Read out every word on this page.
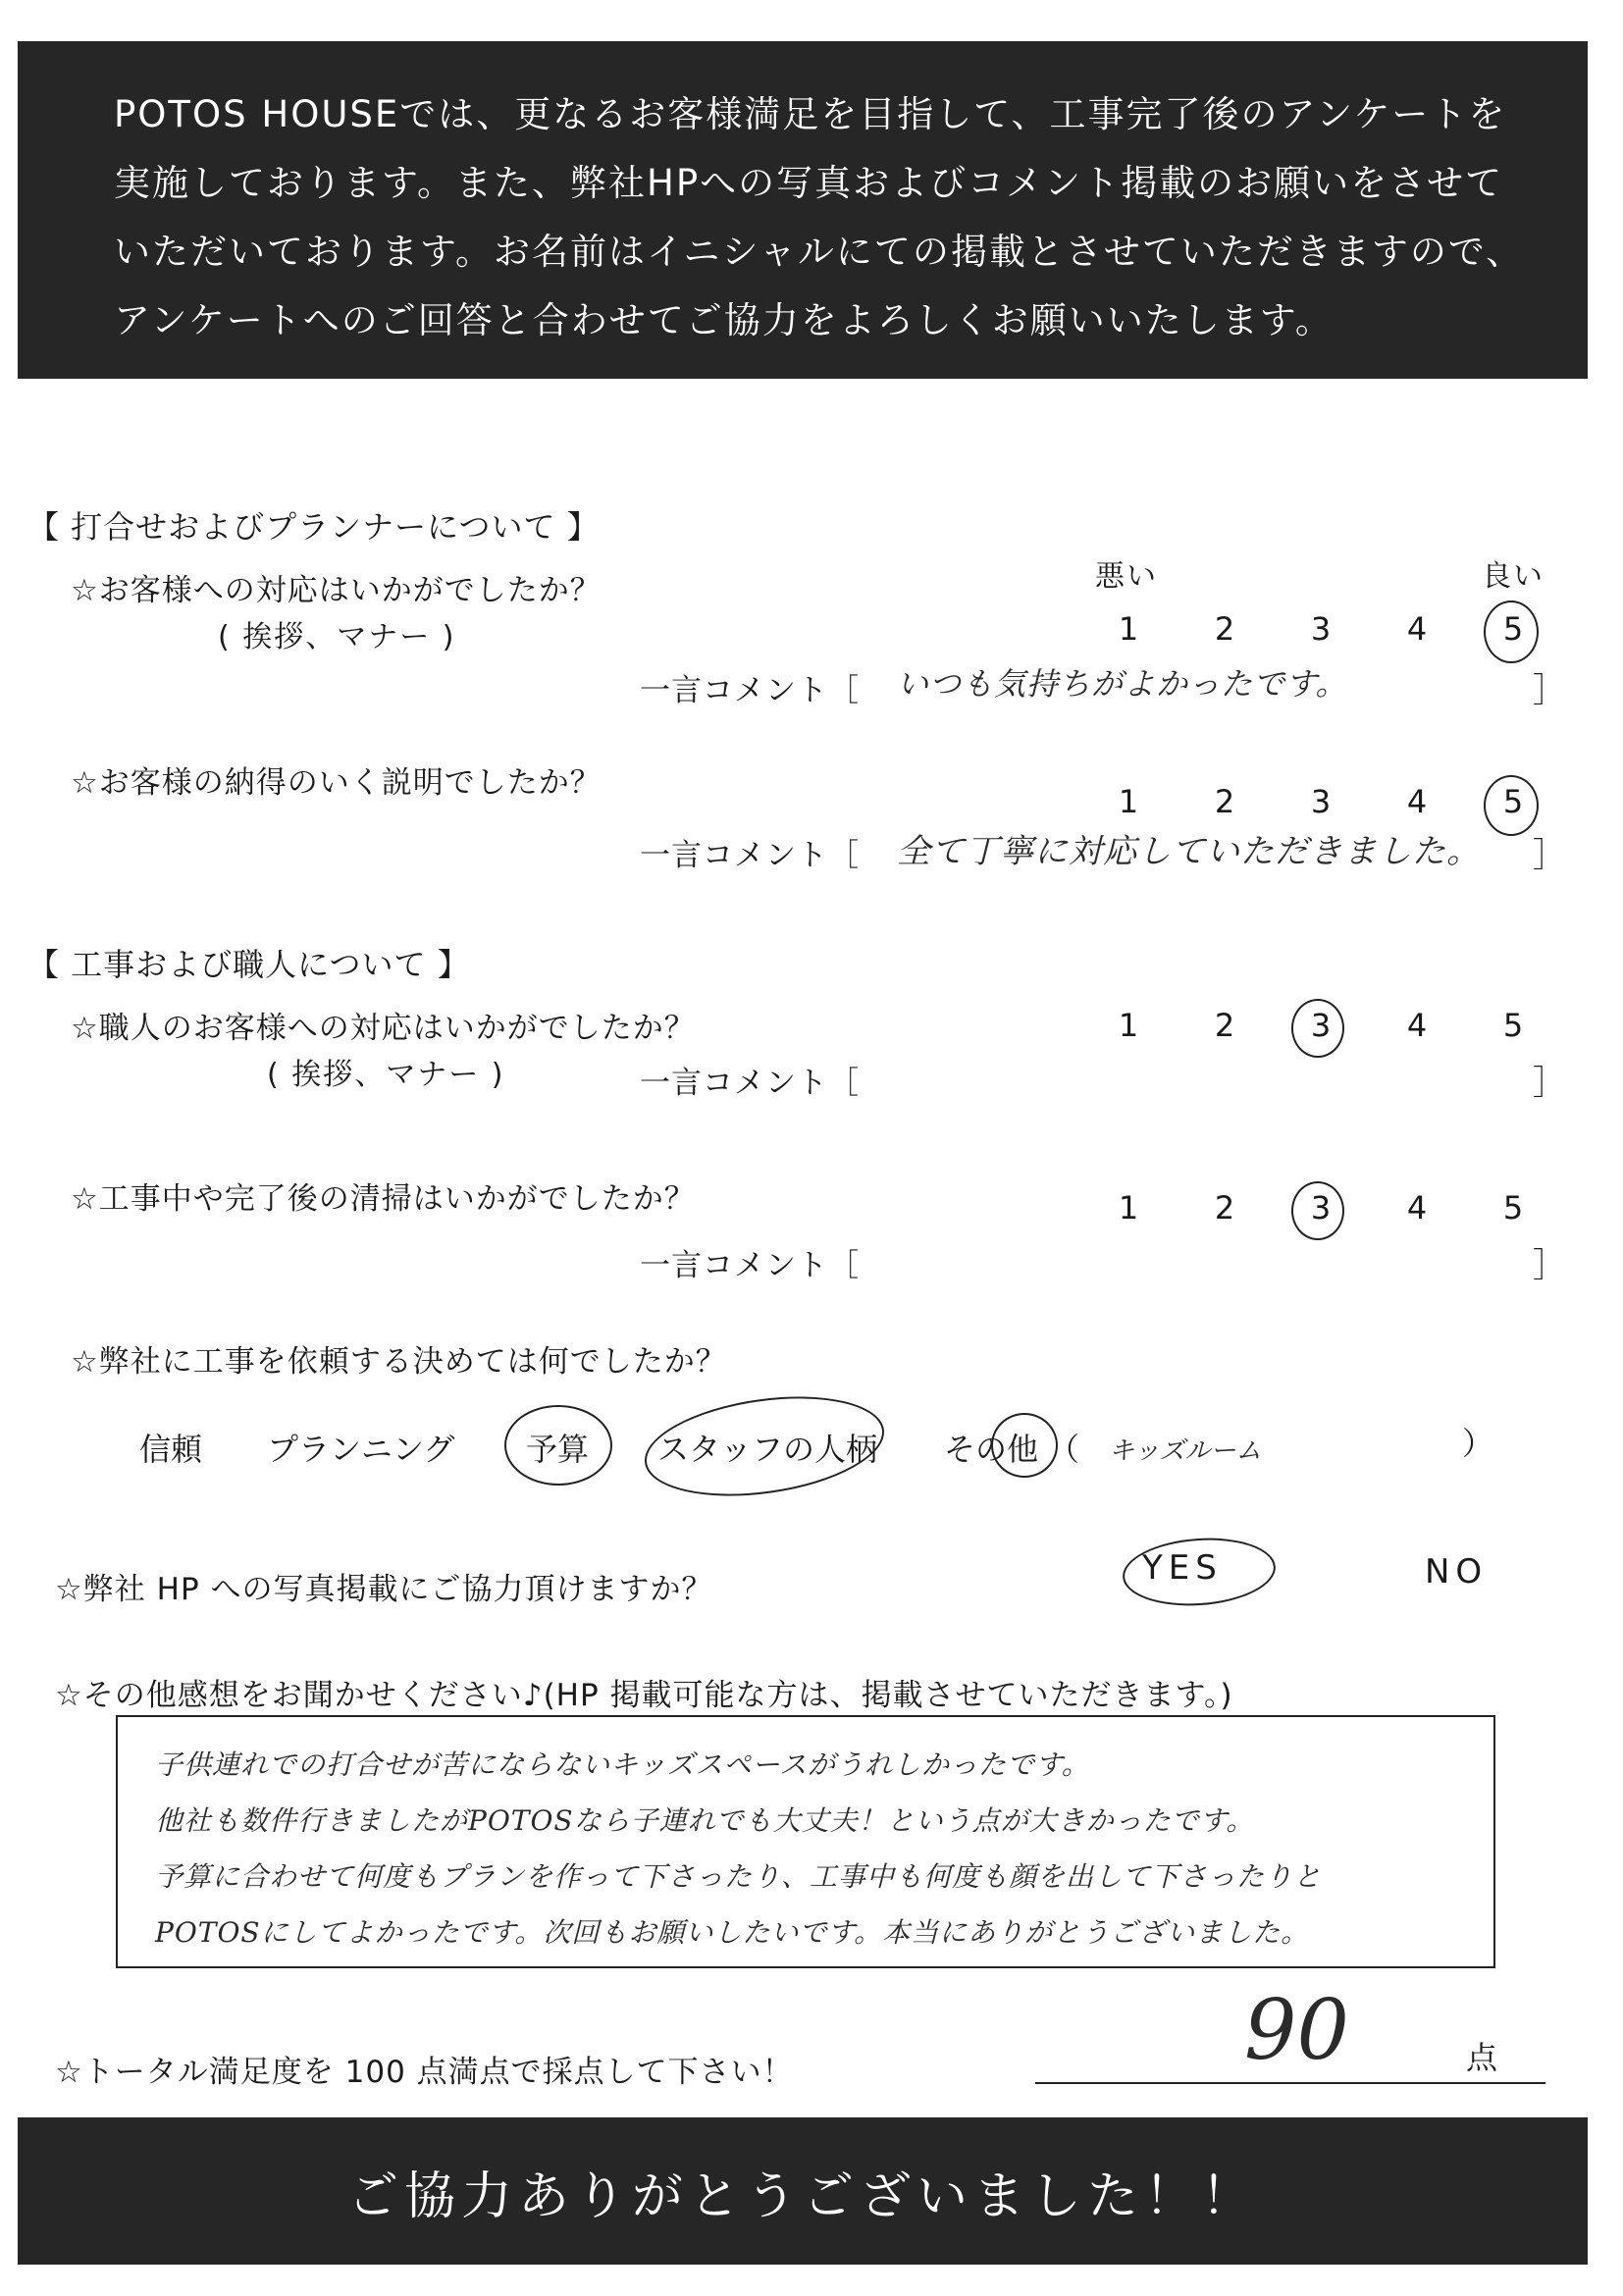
POTOS HOUSEでは、更なるお客様満足を目指して、工事完了後のアンケートを

実施しております。また、弊社HPへの写真およびコメント掲載のお願いをさせて

いただいております。お名前はイニシャルにての掲載とさせていただきますので、

アンケートへのご回答と合わせてご協力をよろしくお願いいたします。

【 打合せおよびプランナーについて 】
悪い	良い
☆お客様への対応はいかがでしたか？
( 挨拶、マナー )	1	2	3	4	5
一言コメント［ いつも気持ちがよかったです。	］
☆お客様の納得のいく説明でしたか？	1	2	3	4	5
一言コメント［ 全て丁寧に対応していただきました。 ］
【 工事および職人について 】
☆職人のお客様への対応はいかがでしたか？
( 挨拶、マナー )
1	2	3	4	5
一言コメント［	］
☆工事中や完了後の清掃はいかがでしたか？	1	2	3	4	5
一言コメント［	］
☆弊社に工事を依頼する決めては何でしたか？
信頼 プランニング 予算 スタッフの人柄 その他 （ キッズルーム	）
☆弊社 HP への写真掲載にご協力頂けますか？
YES	NO
☆その他感想をお聞かせください♪(HP 掲載可能な方は、掲載させていただきます。)

子供連れでの打合せが苦にならないキッズスペースがうれしかったです。

他社も数件行きましたがPOTOSなら子連れでも大丈夫！という点が大きかったです。

予算に合わせて何度もプランを作って下さったり、工事中も何度も顔を出して下さったりと

POTOSにしてよかったです。次回もお願いしたいです。本当にありがとうございました。

☆トータル満足度を 100 点満点で採点して下さい！	90	点
ご協力ありがとうございました！！
